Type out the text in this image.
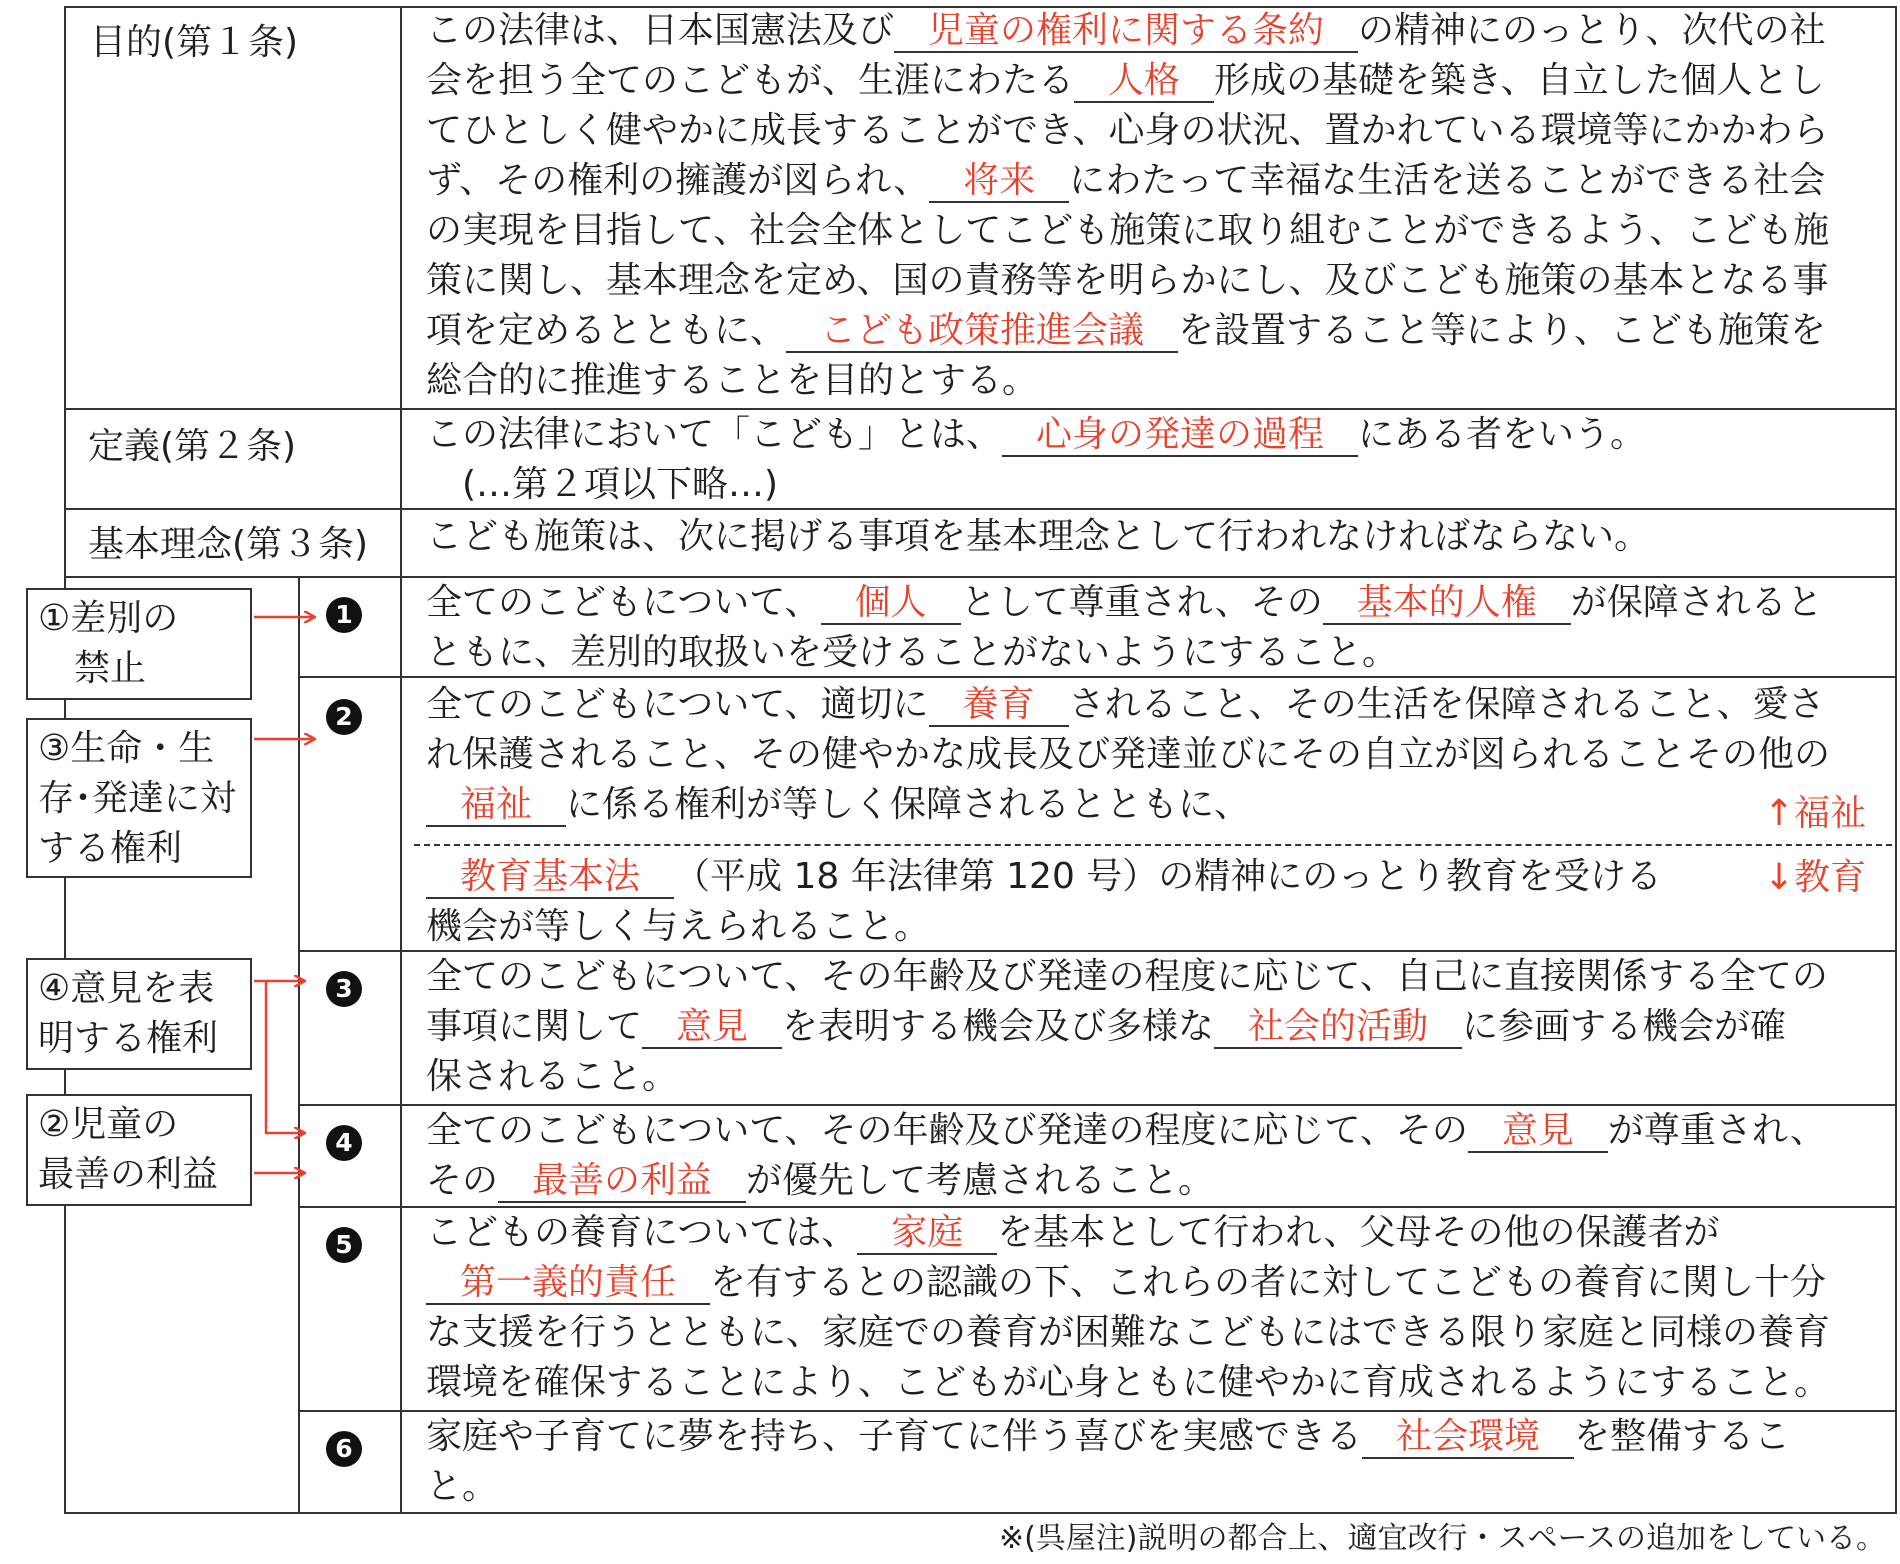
目的(第１条)
定義(第２条)
基本理念(第３条)
この法律は、日本国憲法及び 児童の権利に関する条約 の精神にのっとり、次代の社
会を担う全てのこどもが、生涯にわたる 人格 形成の基礎を築き、自立した個人とし
てひとしく健やかに成長することができ、心身の状況、置かれている環境等にかかわら
ず、その権利の擁護が図られ、 将来 にわたって幸福な生活を送ることができる社会
の実現を目指して、社会全体としてこども施策に取り組むことができるよう、こども施
策に関し、基本理念を定め、国の責務等を明らかにし、及びこども施策の基本となる事
項を定めるとともに、 こども政策推進会議 を設置すること等により、こども施策を
総合的に推進することを目的とする。
この法律において「こども」とは、 心身の発達の過程 にある者をいう。
　(…第２項以下略…)
こども施策は、次に掲げる事項を基本理念として行われなければならない。
全てのこどもについて、 個人 として尊重され、その 基本的人権 が保障されると
ともに、差別的取扱いを受けることがないようにすること。
全てのこどもについて、適切に 養育 されること、その生活を保障されること、愛さ
れ保護されること、その健やかな成長及び発達並びにその自立が図られることその他の
福祉 に係る権利が等しく保障されるとともに、
教育基本法 （平成 18 年法律第 120 号）の精神にのっとり教育を受ける
機会が等しく与えられること。
全てのこどもについて、その年齢及び発達の程度に応じて、自己に直接関係する全ての
事項に関して 意見 を表明する機会及び多様な 社会的活動 に参画する機会が確
保されること。
全てのこどもについて、その年齢及び発達の程度に応じて、その 意見 が尊重され、
その 最善の利益 が優先して考慮されること。
こどもの養育については、 家庭 を基本として行われ、父母その他の保護者が
第一義的責任 を有するとの認識の下、これらの者に対してこどもの養育に関し十分
な支援を行うとともに、家庭での養育が困難なこどもにはできる限り家庭と同様の養育
環境を確保することにより、こどもが心身ともに健やかに育成されるようにすること。
家庭や子育てに夢を持ち、子育てに伴う喜びを実感できる 社会環境 を整備するこ
と。
1
2
3
4
5
6
↑福祉
↓教育
①差別の
　禁止
③生命・生
存･発達に対
する権利
④意見を表
明する権利
②児童の
最善の利益
※(呉屋注)説明の都合上、適宜改行・スペースの追加をしている。
